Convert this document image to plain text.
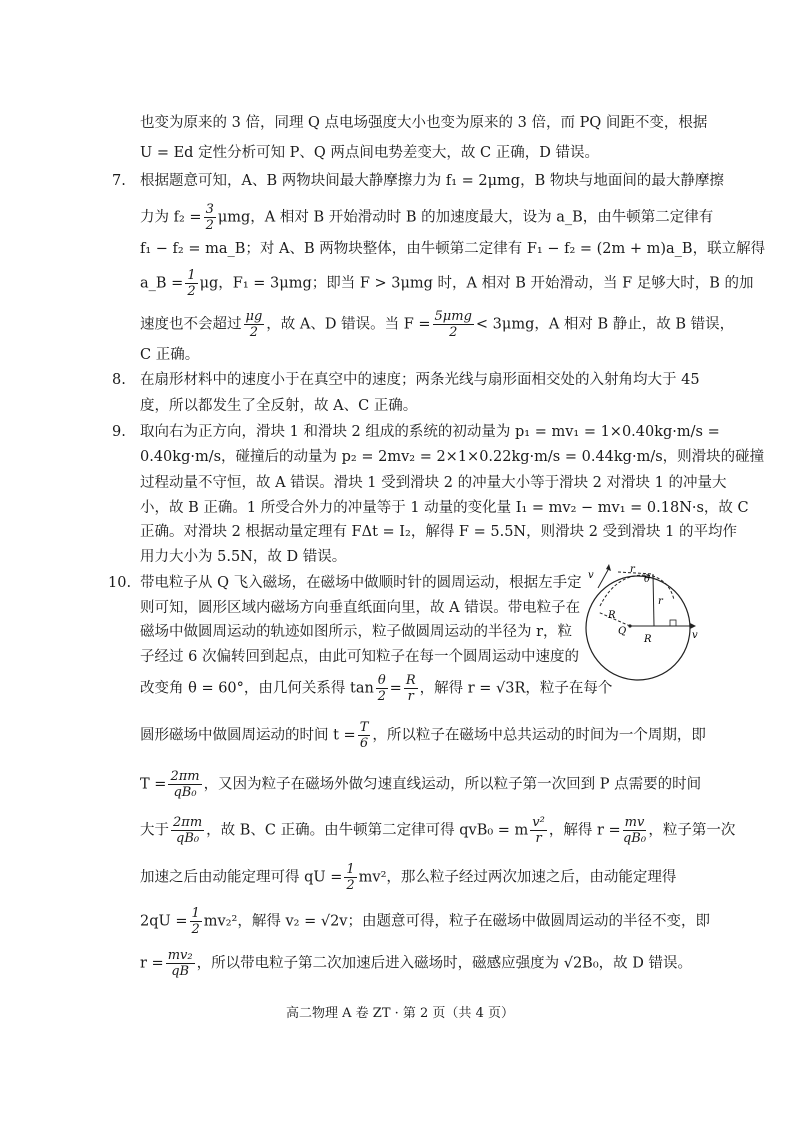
也变为原来的 3 倍，同理 Q 点电场强度大小也变为原来的 3 倍，而 PQ 间距不变，根据
U = Ed 定性分析可知 P、Q 两点间电势差变大，故 C 正确，D 错误。
7. 根据题意可知，A、B 两物块间最大静摩擦力为 f₁ = 2μmg，B 物块与地面间的最大静摩擦
力为 $f_2 = \frac{3}{2}$ μmg，A 相对 B 开始滑动时 B 的加速度最大，设为 a_B，由牛顿第二定律有
f₁ − f₂ = ma_B；对 A、B 两物块整体，由牛顿第二定律有 F₁ − f₂ = (2m + m)a_B，联立解得
a_B = $\frac{1}{2}$ μg，F₁ = 3μmg；即当 F > 3μmg 时，A 相对 B 开始滑动，当 F 足够大时，B 的加
速度也不会超过 $\frac{\mu g}{2}$ ，故 A、D 错误。当 $F = \frac{\text{5μmg}}{2} < 3\mu mg$，A 相对 B 静止，故 B 错误，
C 正确。
8. 在扇形材料中的速度小于在真空中的速度；两条光线与扇形面相交处的入射角均大于 45
度，所以都发生了全反射，故 A、C 正确。
9. 取向右为正方向，滑块 1 和滑块 2 组成的系统的初动量为 p₁ = mv₁ = 1×0.40kg·m/s =
0.40kg·m/s，碰撞后的动量为 p₂ = 2mv₂ = 2×1×0.22kg·m/s = 0.44kg·m/s，则滑块的碰撞
过程动量不守恒，故 A 错误。滑块 1 受到滑块 2 的冲量大小等于滑块 2 对滑块 1 的冲量大
小，故 B 正确。1 所受合外力的冲量等于 1 动量的变化量 I₁ = mv₂ − mv₁ = 0.18N·s，故 C
正确。对滑块 2 根据动量定理有 FΔt = I₂，解得 F = 5.5N，则滑块 2 受到滑块 1 的平均作
用力大小为 5.5N，故 D 错误。
10. 带电粒子从 Q 飞入磁场，在磁场中做顺时针的圆周运动，根据左手定
则可知，圆形区域内磁场方向垂直纸面向里，故 A 错误。带电粒子在
磁场中做圆周运动的轨迹如图所示，粒子做圆周运动的半径为 r，粒
子经过 6 次偏转回到起点，由此可知粒子在每一个圆周运动中速度的
改变角 θ = 60°，由几何关系得 $\tan \frac{\theta}{2} = \frac{R}{r}$ ，解得 r = √3R，粒子在每个
圆形磁场中做圆周运动的时间 $t = \frac{T}{6}$ ，所以粒子在磁场中总共运动的时间为一个周期，即
$T = \frac{2\pi m}{\text{qB₀}}$ ，又因为粒子在磁场外做匀速直线运动，所以粒子第一次回到 P 点需要的时间
大于 $\frac{2\pi m}{\text{qB₀}}$ ，故 B、C 正确。由牛顿第二定律可得 qvB₀ = m $\frac{\text{v²}}{r}$ ，解得 $r = \frac{mv}{\text{qB₀}}$ ，粒子第一次
加速之后由动能定理可得 qU = $\frac{1}{2} mv^2$，那么粒子经过两次加速之后，由动能定理得
$2qU = \frac{1}{2} mv_2^2$，解得 v₂ = √2v；由题意可得，粒子在磁场中做圆周运动的半径不变，即
$r = \frac{\text{mv₂}}{qB}$ ，所以带电粒子第二次加速后进入磁场时，磁感应强度为 √2B₀，故 D 错误。
v
r
θ
r
R
Q
R	v
高二物理 A 卷 ZT · 第 2 页（共 4 页）
